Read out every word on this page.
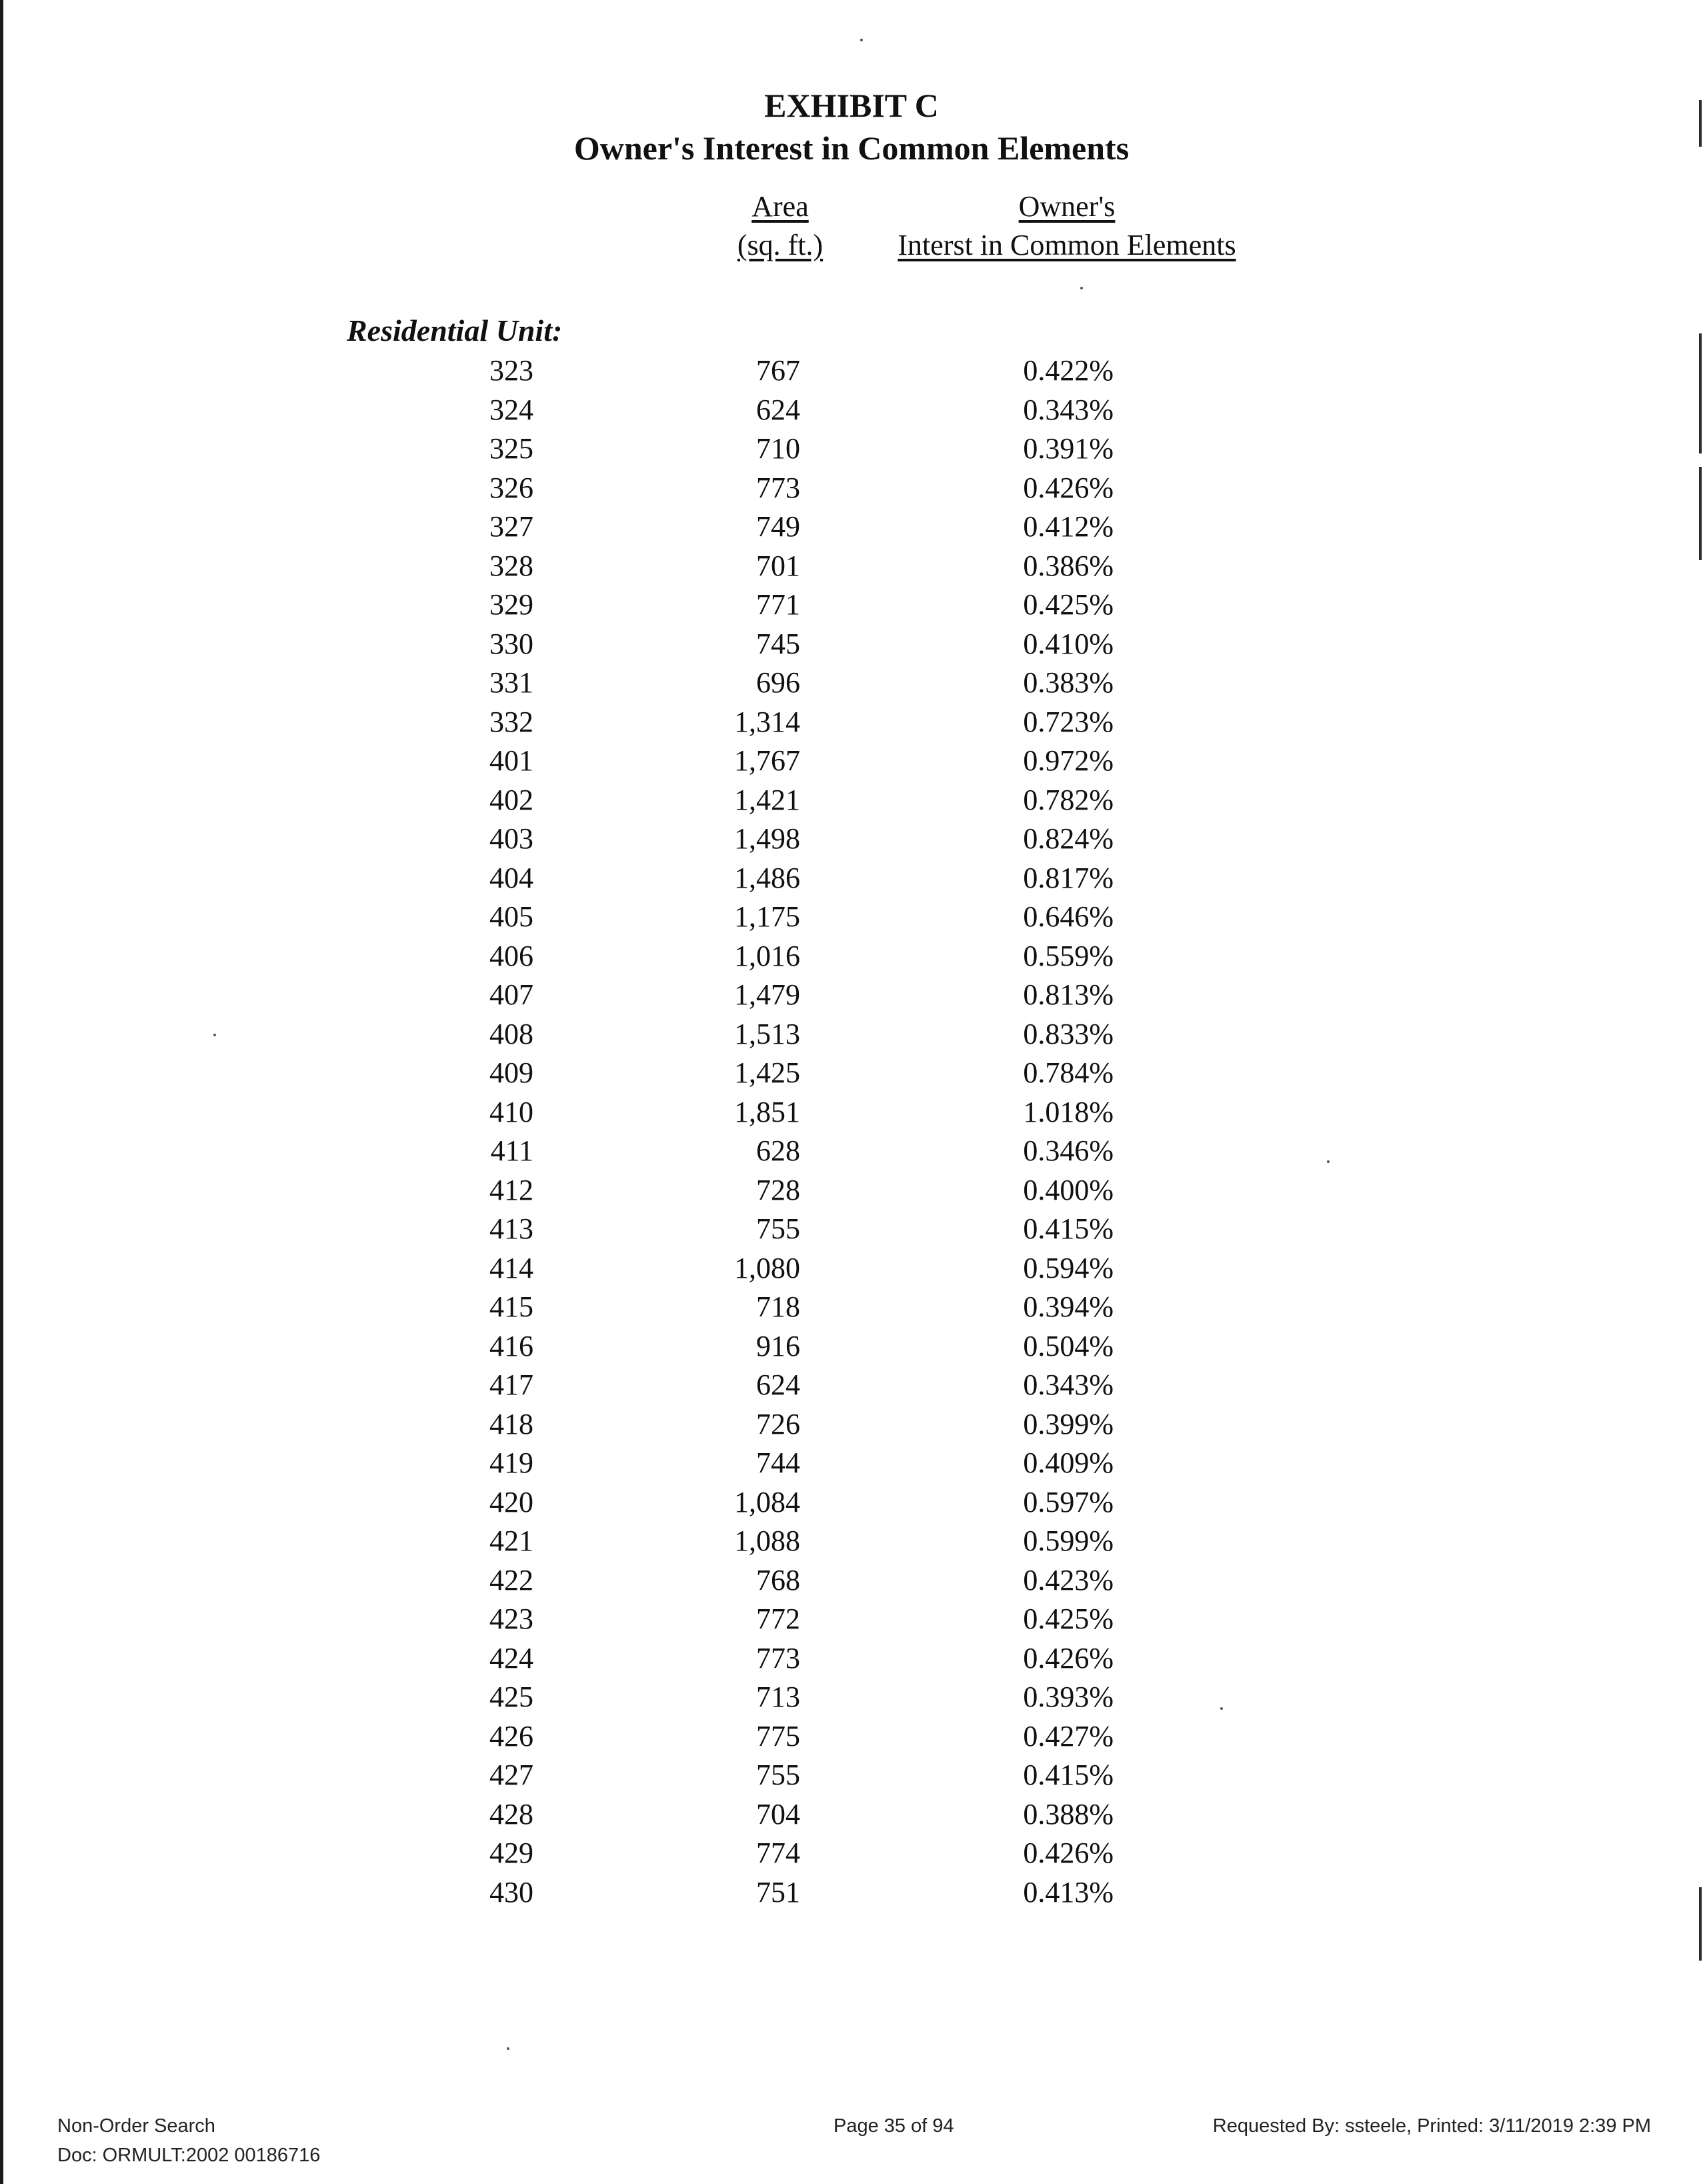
EXHIBIT C
Owner's Interest in Common Elements
Area
(sq. ft.)
Owner's
Interst in Common Elements
Residential Unit:
323	767	0.422%
324	624	0.343%
325	710	0.391%
326	773	0.426%
327	749	0.412%
328	701	0.386%
329	771	0.425%
330	745	0.410%
331	696	0.383%
332	1,314	0.723%
401	1,767	0.972%
402	1,421	0.782%
403	1,498	0.824%
404	1,486	0.817%
405	1,175	0.646%
406	1,016	0.559%
407	1,479	0.813%
408	1,513	0.833%
409	1,425	0.784%
410	1,851	1.018%
411	628	0.346%
412	728	0.400%
413	755	0.415%
414	1,080	0.594%
415	718	0.394%
416	916	0.504%
417	624	0.343%
418	726	0.399%
419	744	0.409%
420	1,084	0.597%
421	1,088	0.599%
422	768	0.423%
423	772	0.425%
424	773	0.426%
425	713	0.393%
426	775	0.427%
427	755	0.415%
428	704	0.388%
429	774	0.426%
430	751	0.413%
Non-Order Search
Doc: ORMULT:2002 00186716
Page 35 of 94	Requested By: ssteele, Printed: 3/11/2019 2:39 PM
